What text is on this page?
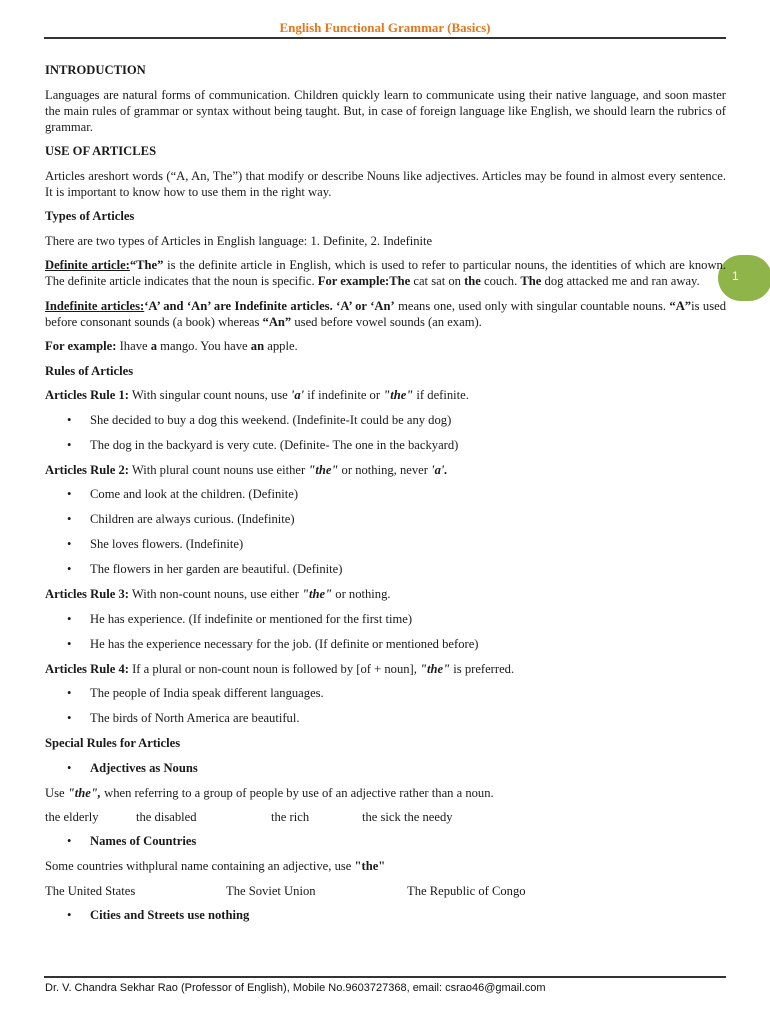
English Functional Grammar (Basics)
1
INTRODUCTION

Languages are natural forms of communication. Children quickly learn to communicate using their native language, and soon master the main rules of grammar or syntax without being taught. But, in case of foreign language like English, we should learn the rubrics of grammar.

USE OF ARTICLES

Articles areshort words (“A, An, The”) that modify or describe Nouns like adjectives. Articles may be found in almost every sentence. It is important to know how to use them in the right way.

Types of Articles

There are two types of Articles in English language: 1. Definite, 2. Indefinite

Definite article:“The” is the definite article in English, which is used to refer to particular nouns, the identities of which are known. The definite article indicates that the noun is specific. For example:The cat sat on the couch. The dog attacked me and ran away.

Indefinite articles:‘A’ and ‘An’ are Indefinite articles. ‘A’ or ‘An’ means one, used only with singular countable nouns. “A”is used before consonant sounds (a book) whereas “An” used before vowel sounds (an exam).

For example: Ihave a mango. You have an apple.

Rules of Articles

Articles Rule 1: With singular count nouns, use 'a' if indefinite or "the" if definite.

• She decided to buy a dog this weekend. (Indefinite-It could be any dog)
• The dog in the backyard is very cute. (Definite- The one in the backyard)

Articles Rule 2: With plural count nouns use either "the" or nothing, never 'a'.

• Come and look at the children. (Definite)
• Children are always curious. (Indefinite)
• She loves flowers. (Indefinite)
• The flowers in her garden are beautiful. (Definite)

Articles Rule 3: With non-count nouns, use either "the" or nothing.

• He has experience. (If indefinite or mentioned for the first time)
• He has the experience necessary for the job. (If definite or mentioned before)

Articles Rule 4: If a plural or non-count noun is followed by [of + noun], "the" is preferred.

• The people of India speak different languages.
• The birds of North America are beautiful.
Special Rules for Articles
• Adjectives as Nouns

Use "the", when referring to a group of people by use of an adjective rather than a noun.

the elderly	the disabled	the rich	the sick the needy
• Names of Countries

Some countries withplural name containing an adjective, use "the"

The United States	The Soviet Union	The Republic of Congo
• Cities and Streets use nothing
Dr. V. Chandra Sekhar Rao (Professor of English), Mobile No.9603727368, email: csrao46@gmail.com
